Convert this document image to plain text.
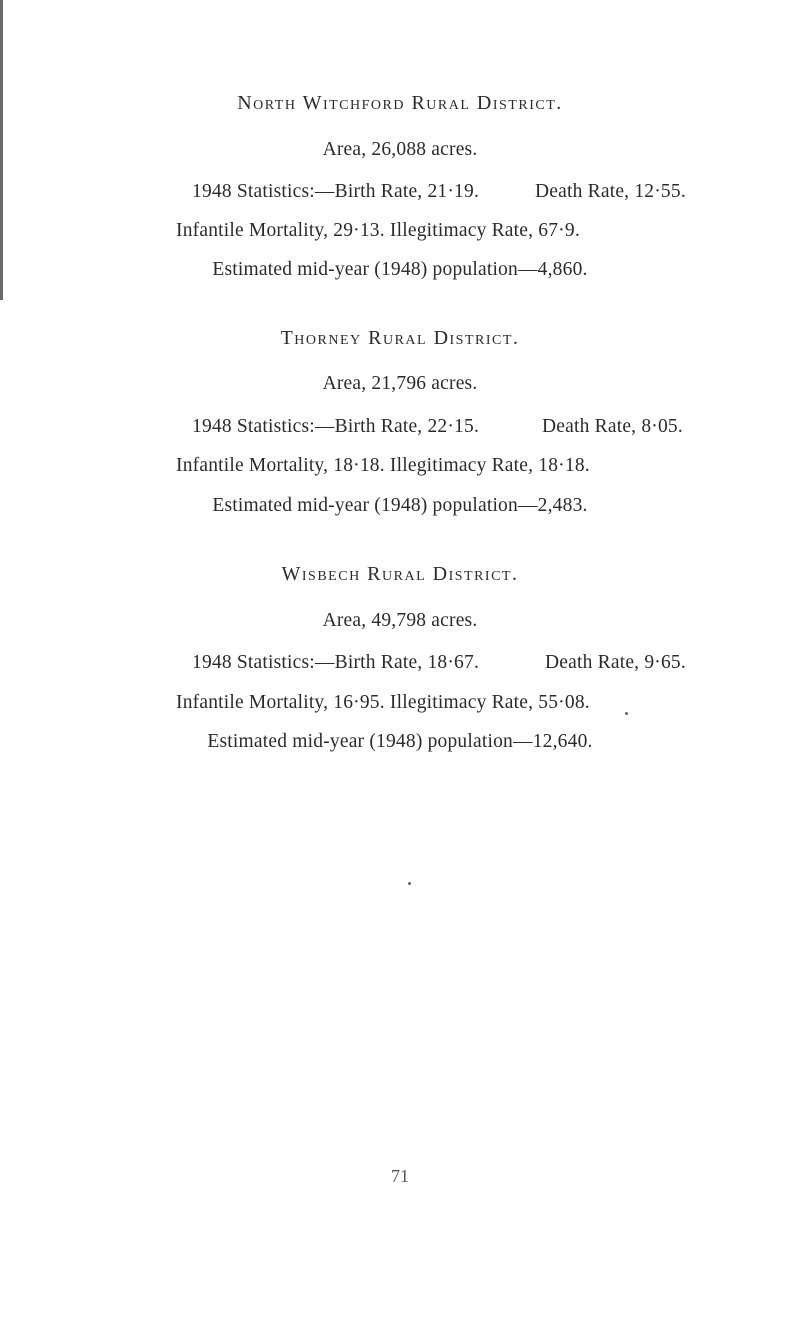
North Witchford Rural District.
Area, 26,088 acres.
1948 Statistics:—Birth Rate, 21·19.	Death Rate, 12·55.
Infantile Mortality, 29·13. Illegitimacy Rate, 67·9.
Estimated mid-year (1948) population—4,860.
Thorney Rural District.
Area, 21,796 acres.
1948 Statistics:—Birth Rate, 22·15.	Death Rate, 8·05.
Infantile Mortality, 18·18. Illegitimacy Rate, 18·18.
Estimated mid-year (1948) population—2,483.
Wisbech Rural District.
Area, 49,798 acres.
1948 Statistics:—Birth Rate, 18·67.	Death Rate, 9·65.
Infantile Mortality, 16·95. Illegitimacy Rate, 55·08.
Estimated mid-year (1948) population—12,640.
71
